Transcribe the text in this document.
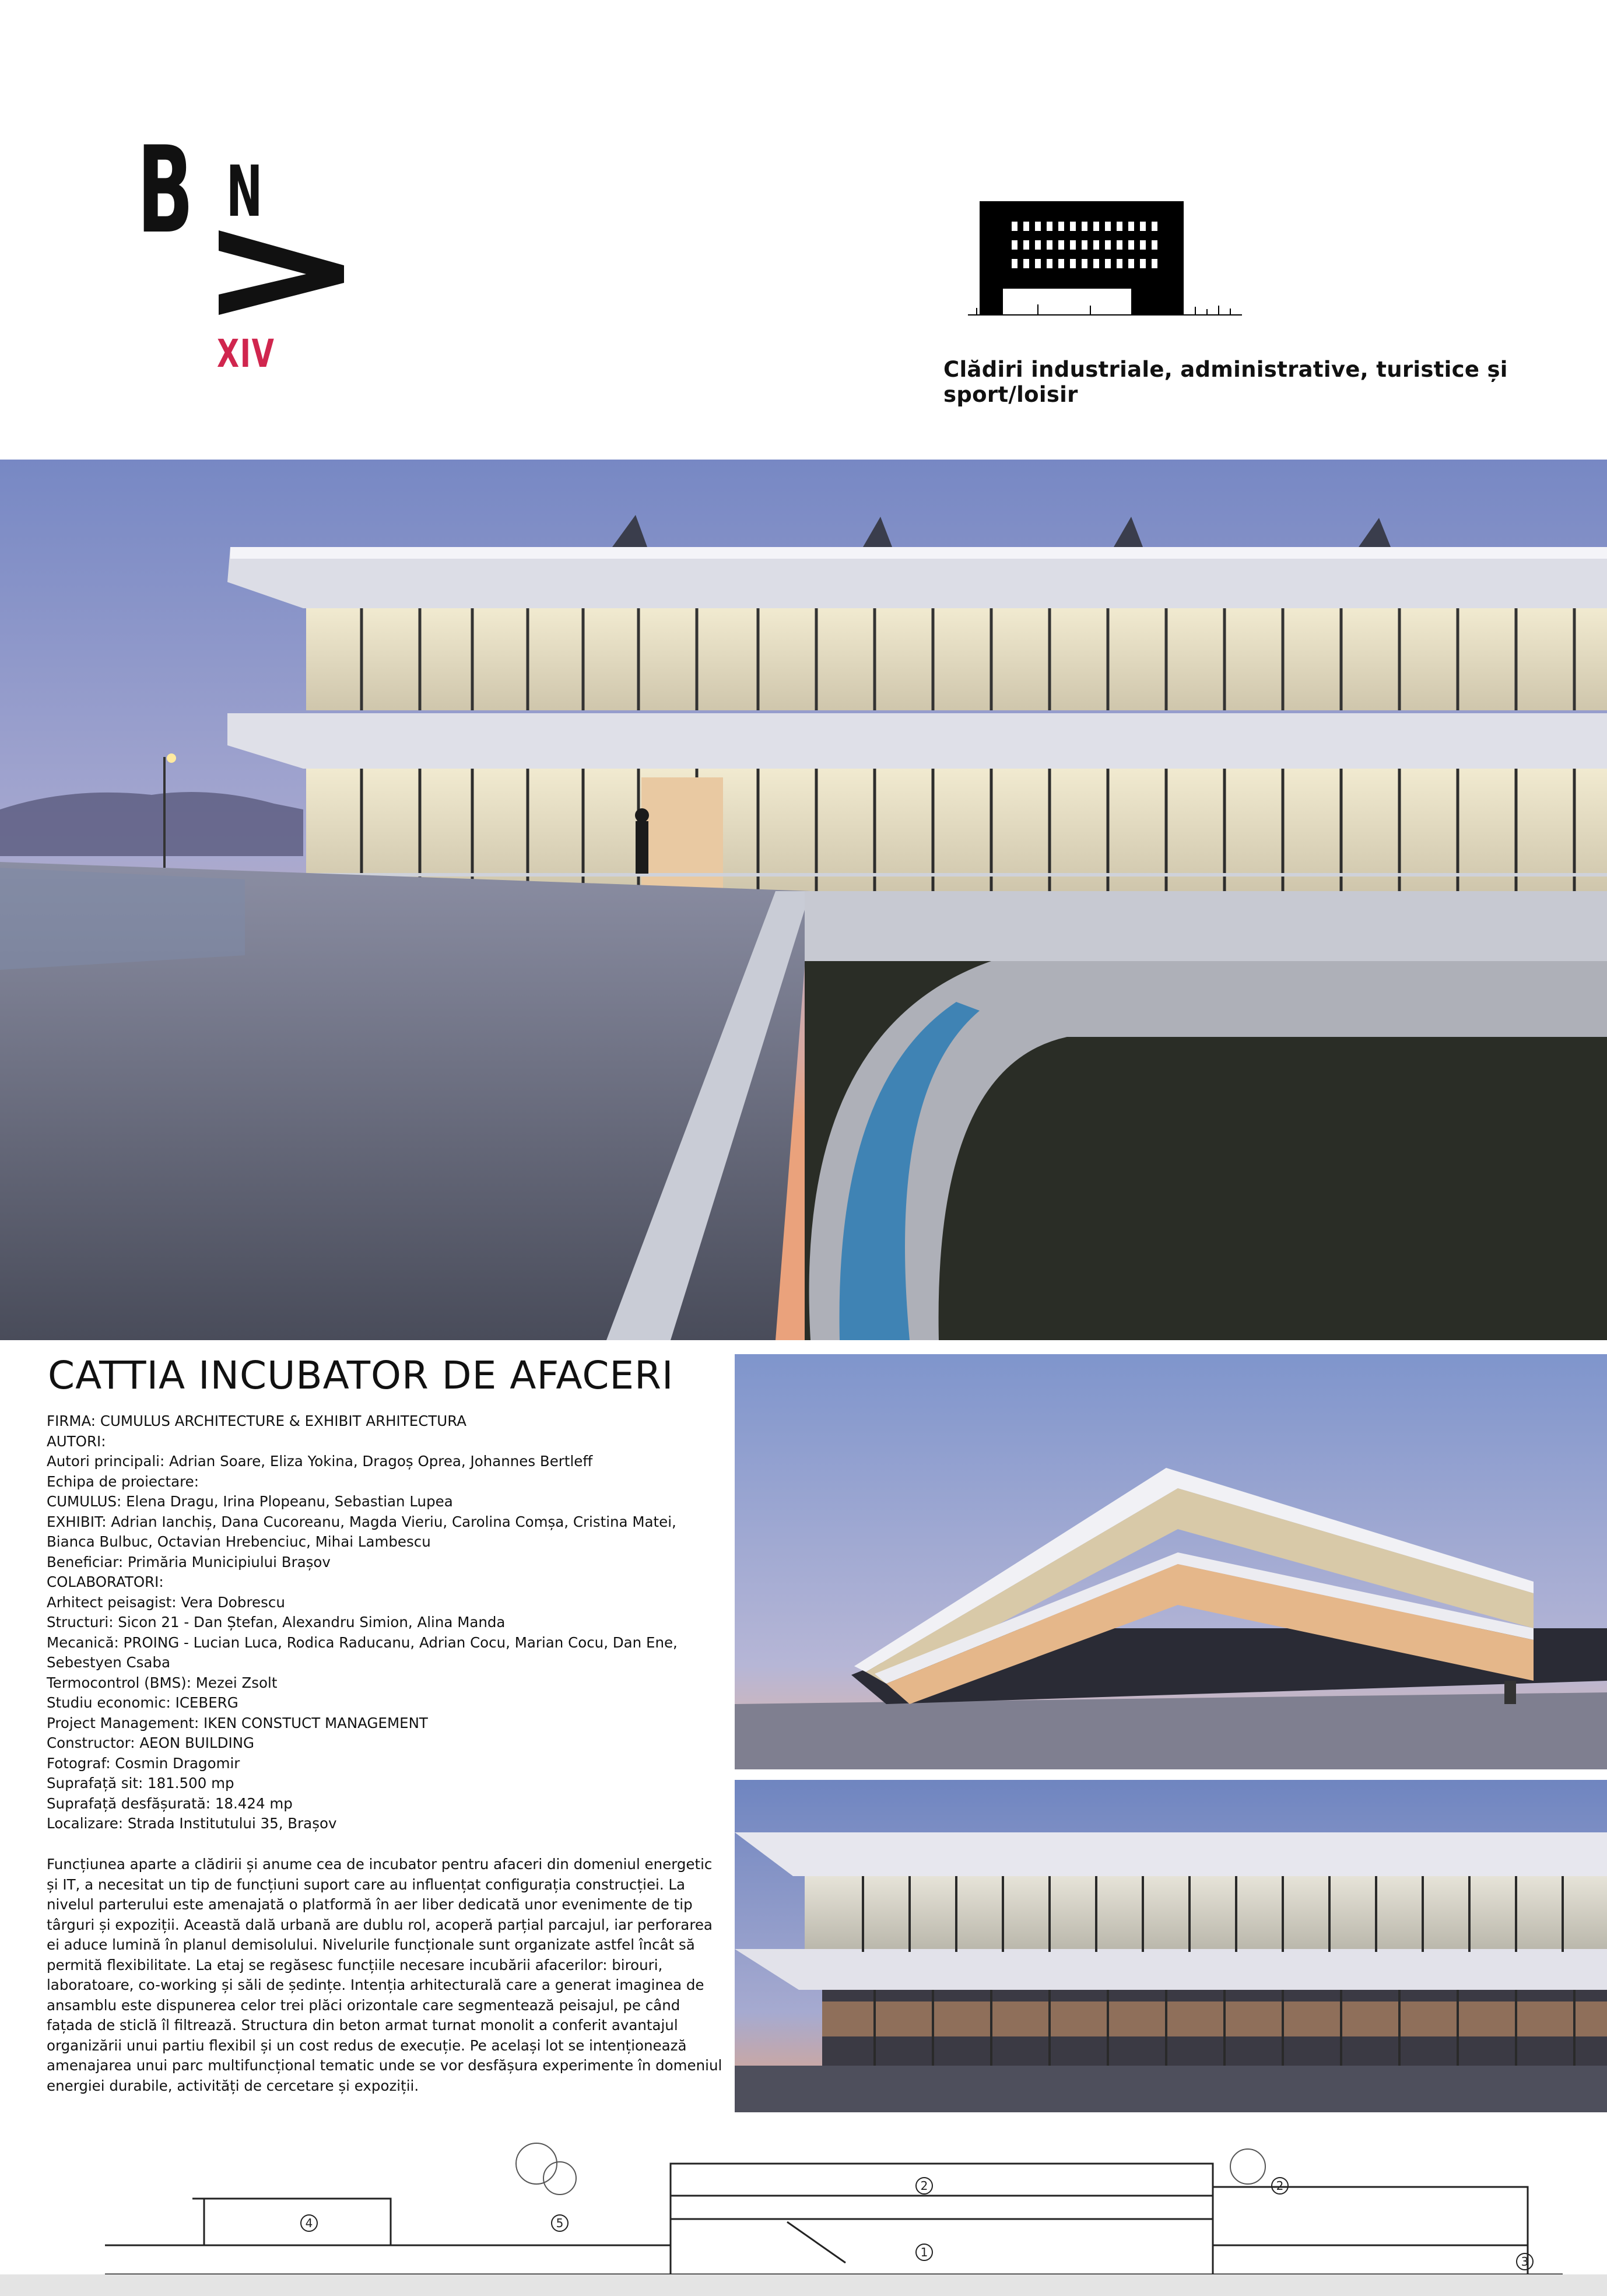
B N
XIV	Clădiri industriale, administrative, turistice și sport/loisir
CATTIA INCUBATOR DE AFACERI
FIRMA: CUMULUS ARCHITECTURE & EXHIBIT ARHITECTURA
AUTORI:
Autori principali: Adrian Soare, Eliza Yokina, Dragoș Oprea, Johannes Bertleff
Echipa de proiectare:
CUMULUS: Elena Dragu, Irina Plopeanu, Sebastian Lupea
EXHIBIT: Adrian Ianchiș, Dana Cucoreanu, Magda Vieriu, Carolina Comșa, Cristina Matei,
Bianca Bulbuc, Octavian Hrebenciuc, Mihai Lambescu
Beneficiar: Primăria Municipiului Brașov
COLABORATORI:
Arhitect peisagist: Vera Dobrescu
Structuri: Sicon 21 - Dan Ștefan, Alexandru Simion, Alina Manda
Mecanică: PROING - Lucian Luca, Rodica Raducanu, Adrian Cocu, Marian Cocu, Dan Ene,
Sebestyen Csaba
Termocontrol (BMS): Mezei Zsolt
Studiu economic: ICEBERG
Project Management: IKEN CONSTUCT MANAGEMENT
Constructor: AEON BUILDING
Fotograf: Cosmin Dragomir
Suprafață sit: 181.500 mp
Suprafață desfășurată: 18.424 mp
Localizare: Strada Institutului 35, Brașov
Funcțiunea aparte a clădirii și anume cea de incubator pentru afaceri din domeniul energetic și IT, a necesitat un tip de funcțiuni suport care au influențat configurația construcției. La nivelul parterului este amenajată o platformă în aer liber dedicată unor evenimente de tip târguri și expoziții. Această dală urbană are dublu rol, acoperă parțial parcajul, iar perforarea ei aduce lumină în planul demisolului. Nivelurile funcționale sunt organizate astfel încât să permită flexibilitate. La etaj se regăsesc funcțiile necesare incubării afacerilor: birouri, laboratoare, co-working și săli de ședințe. Intenția arhitecturală care a generat imaginea de ansamblu este dispunerea celor trei plăci orizontale care segmentează peisajul, pe când fațada de sticlă îl filtrează. Structura din beton armat turnat monolit a conferit avantajul organizării unui partiu flexibil și un cost redus de execuție. Pe același lot se intenționează amenajarea unui parc multifuncțional tematic unde se vor desfășura experimente în domeniul energiei durabile, activități de cercetare și expoziții.
1
2	2
3
4	5
